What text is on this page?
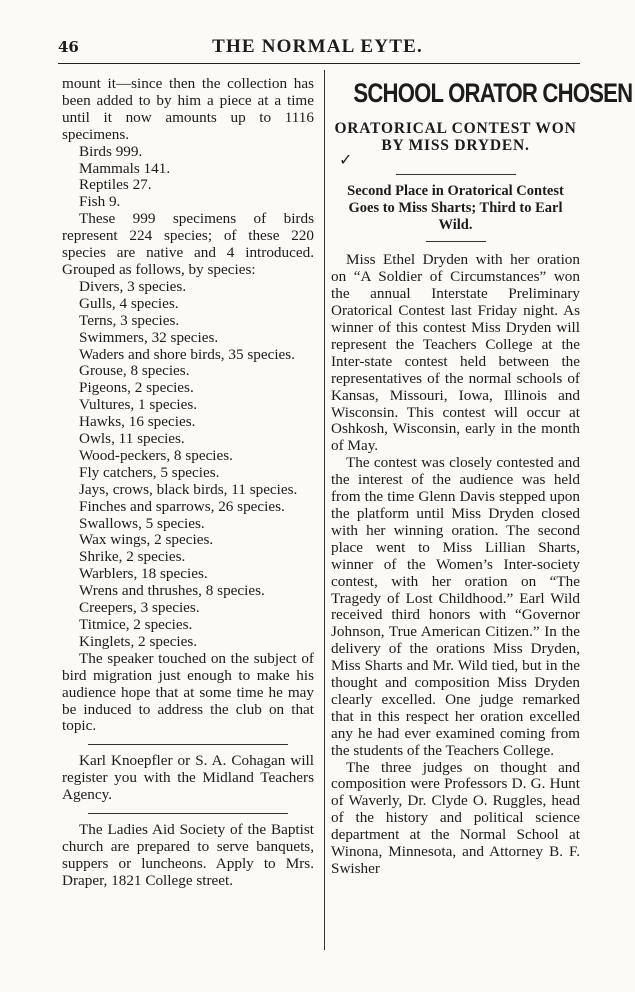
46	THE NORMAL EYTE.

mount it—since then the collection has been added to by him a piece at a time until it now amounts up to 1116 specimens.

Birds 999.

Mammals 141.

Reptiles 27.

Fish 9.

These 999 specimens of birds represent 224 species; of these 220 species are native and 4 introduced. Grouped as follows, by species:

Divers, 3 species.

Gulls, 4 species.

Terns, 3 species.

Swimmers, 32 species.

Waders and shore birds, 35 species.

Grouse, 8 species.

Pigeons, 2 species.

Vultures, 1 species.

Hawks, 16 species.

Owls, 11 species.

Wood-peckers, 8 species.

Fly catchers, 5 species.

Jays, crows, black birds, 11 species.

Finches and sparrows, 26 species.

Swallows, 5 species.

Wax wings, 2 species.

Shrike, 2 species.

Warblers, 18 species.

Wrens and thrushes, 8 species.

Creepers, 3 species.

Titmice, 2 species.

Kinglets, 2 species.

The speaker touched on the subject of bird migration just enough to make his audience hope that at some time he may be induced to address the club on that topic.

Karl Knoepfler or S. A. Cohagan will register you with the Midland Teachers Agency.

The Ladies Aid Society of the Baptist church are prepared to serve banquets, suppers or luncheons. Apply to Mrs. Draper, 1821 College street.

SCHOOL ORATOR CHOSEN

ORATORICAL CONTEST WON BY MISS DRYDEN.

✓

Second Place in Oratorical Contest Goes to Miss Sharts; Third to Earl Wild.

Miss Ethel Dryden with her oration on “A Soldier of Circumstances” won the annual Interstate Preliminary Oratorical Contest last Friday night. As winner of this contest Miss Dryden will represent the Teachers College at the Inter-state contest held between the representatives of the normal schools of Kansas, Missouri, Iowa, Illinois and Wisconsin. This contest will occur at Oshkosh, Wisconsin, early in the month of May.

The contest was closely contested and the interest of the audience was held from the time Glenn Davis stepped upon the platform until Miss Dryden closed with her winning oration. The second place went to Miss Lillian Sharts, winner of the Women’s Inter-society contest, with her oration on “The Tragedy of Lost Childhood.” Earl Wild received third honors with “Governor Johnson, True American Citizen.” In the delivery of the orations Miss Dryden, Miss Sharts and Mr. Wild tied, but in the thought and composition Miss Dryden clearly excelled. One judge remarked that in this respect her oration excelled any he had ever examined coming from the students of the Teachers College.

The three judges on thought and composition were Professors D. G. Hunt of Waverly, Dr. Clyde O. Ruggles, head of the history and political science department at the Normal School at Winona, Minnesota, and Attorney B. F. Swisher
